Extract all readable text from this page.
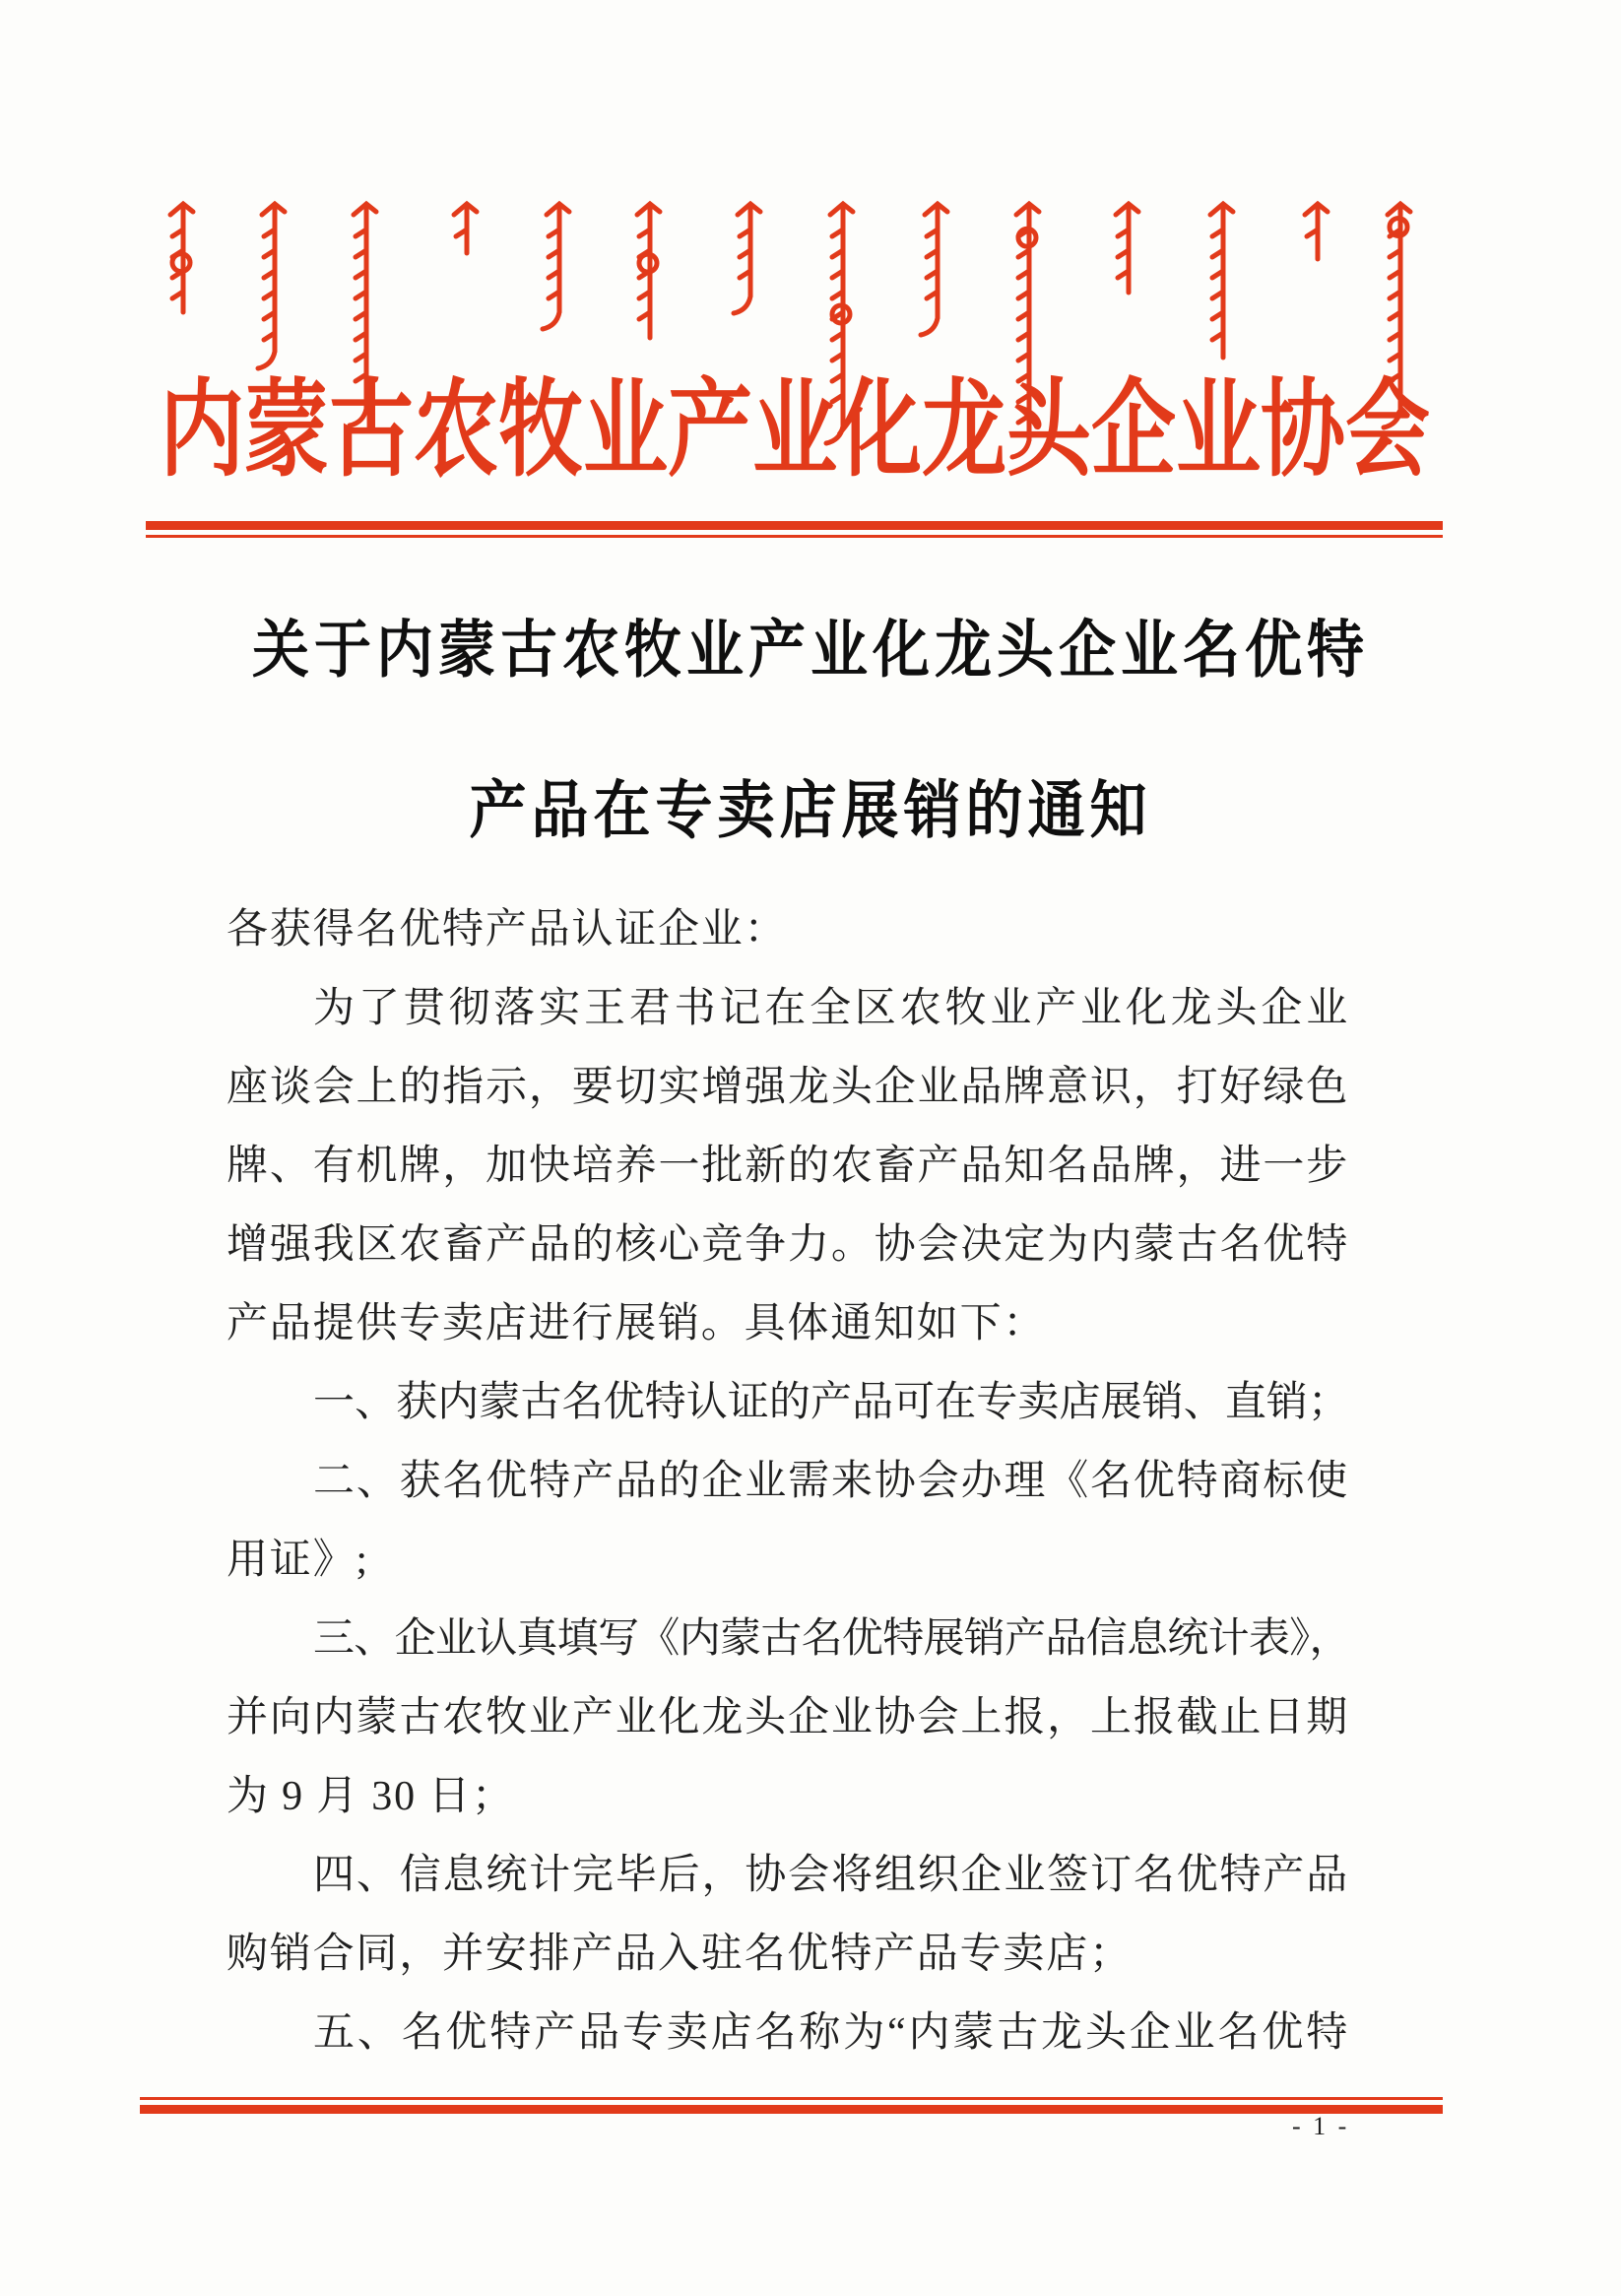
内蒙古农牧业产业化龙头企业协会
关于内蒙古农牧业产业化龙头企业名优特
产品在专卖店展销的通知
各获得名优特产品认证企业：
为了贯彻落实王君书记在全区农牧业产业化龙头企业
座谈会上的指示，要切实增强龙头企业品牌意识，打好绿色
牌、有机牌，加快培养一批新的农畜产品知名品牌，进一步
增强我区农畜产品的核心竞争力。协会决定为内蒙古名优特
产品提供专卖店进行展销。具体通知如下：
一、获内蒙古名优特认证的产品可在专卖店展销、直销；
二、获名优特产品的企业需来协会办理《名优特商标使
用证》;
三、企业认真填写《内蒙古名优特展销产品信息统计表》，
并向内蒙古农牧业产业化龙头企业协会上报，上报截止日期
为 9 月 30 日；
四、信息统计完毕后，协会将组织企业签订名优特产品
购销合同，并安排产品入驻名优特产品专卖店；
五、名优特产品专卖店名称为“内蒙古龙头企业名优特
- 1 -
